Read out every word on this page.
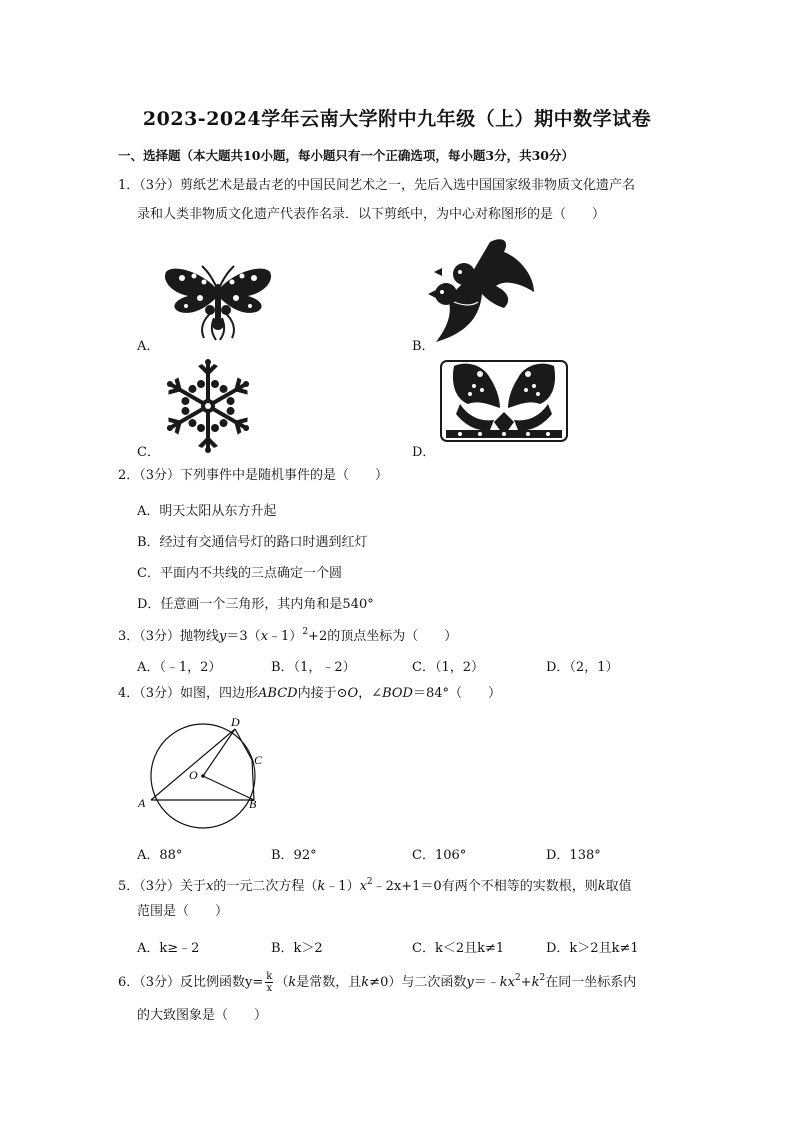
2023-2024学年云南大学附中九年级（上）期中数学试卷
一、选择题（本大题共10小题，每小题只有一个正确选项，每小题3分，共30分）
1．（3分）剪纸艺术是最古老的中国民间艺术之一，先后入选中国国家级非物质文化遗产名
录和人类非物质文化遗产代表作名录．以下剪纸中，为中心对称图形的是（　　）
A．	B．
C．	D．
2．（3分）下列事件中是随机事件的是（　　）
A．明天太阳从东方升起
B．经过有交通信号灯的路口时遇到红灯
C．平面内不共线的三点确定一个圆
D．任意画一个三角形，其内角和是540°
3．（3分）抛物线y＝3（x﹣1）$^2$+2的顶点坐标为（　　）
A．（﹣1，2）	B．（1，﹣2）	C．（1，2）	D．（2，1）
4．（3分）如图，四边形ABCD内接于⊙O，∠BOD＝84°（　　）
A	B
C
D
O
A．88°	B．92°	C．106°	D．138°
5．（3分）关于x的一元二次方程$(k﹣1)x^2﹣2x+1=0$有两个不相等的实数根，则k取值
范围是（　　）
A．k≥﹣2	B．k＞2	C．k＜2且k≠1	D．k＞2且k≠1
6．（3分）反比例函数$y= \frac{k}{x} (k$是常数，且k≠0）与二次函数$y=﹣kx^2+k^2$在同一坐标系内
的大致图象是（　　）
